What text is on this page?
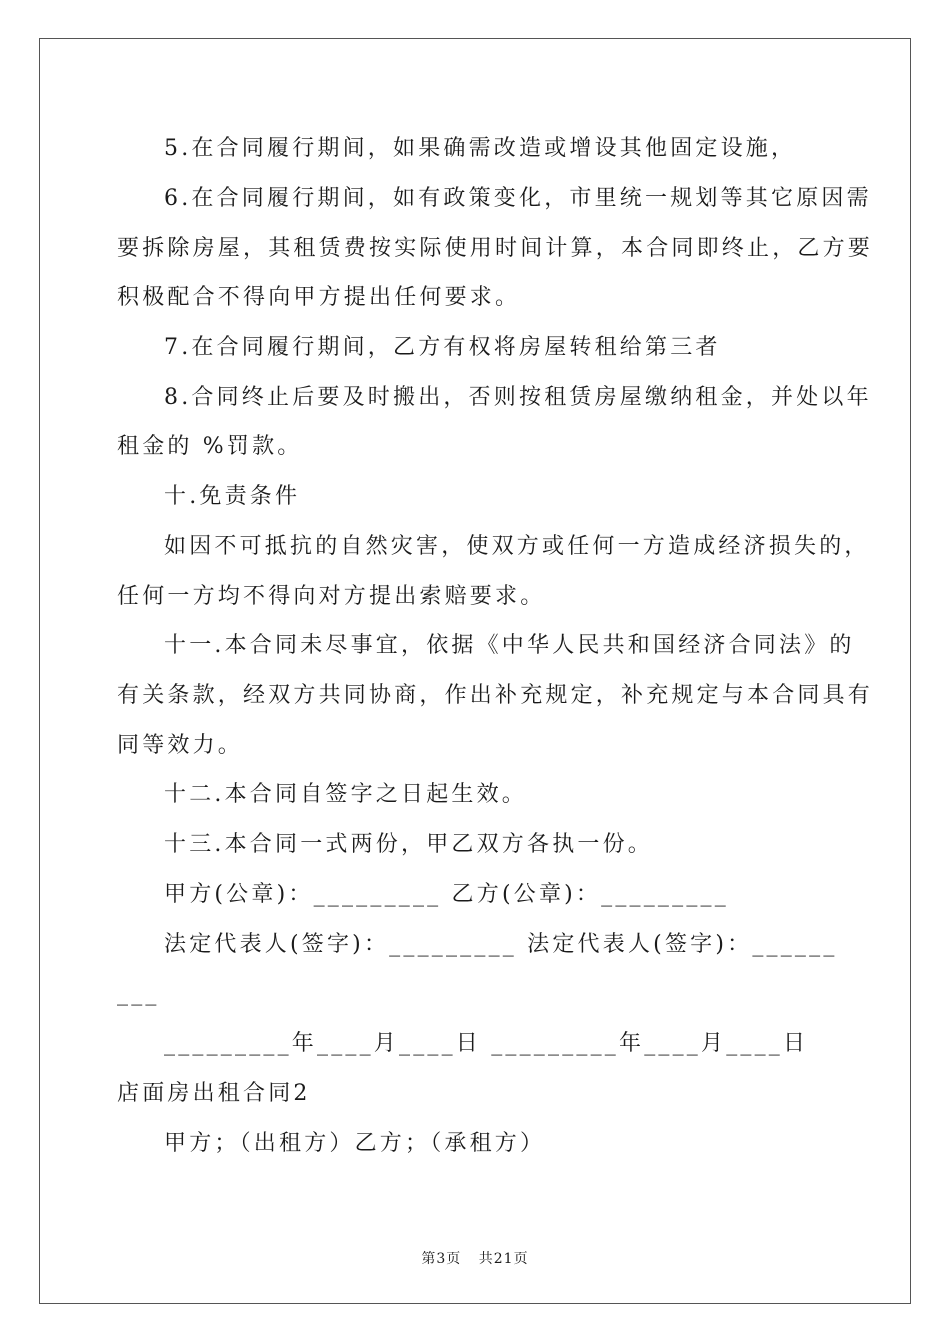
5.在合同履行期间，如果确需改造或增设其他固定设施，
6.在合同履行期间，如有政策变化，市里统一规划等其它原因需
要拆除房屋，其租赁费按实际使用时间计算，本合同即终止，乙方要
积极配合不得向甲方提出任何要求。
7.在合同履行期间，乙方有权将房屋转租给第三者
8.合同终止后要及时搬出，否则按租赁房屋缴纳租金，并处以年
租金的 %罚款。
十.免责条件
如因不可抵抗的自然灾害，使双方或任何一方造成经济损失的，
任何一方均不得向对方提出索赔要求。
十一.本合同未尽事宜，依据《中华人民共和国经济合同法》的
有关条款，经双方共同协商，作出补充规定，补充规定与本合同具有
同等效力。
十二.本合同自签字之日起生效。
十三.本合同一式两份，甲乙双方各执一份。
甲方(公章)：_________ 乙方(公章)：_________
法定代表人(签字)：_________ 法定代表人(签字)：______
___
_________年____月____日 _________年____月____日
店面房出租合同2
甲方；（出租方）乙方；（承租方）
第3页 共21页
